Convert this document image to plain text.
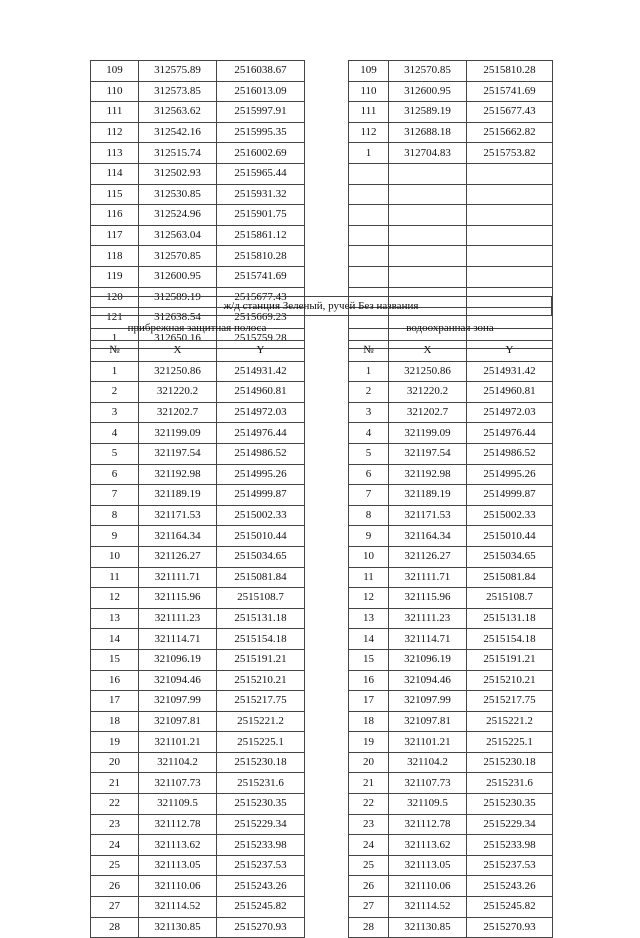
109	312575.89	2516038.67
110	312573.85	2516013.09
111	312563.62	2515997.91
112	312542.16	2515995.35
113	312515.74	2516002.69
114	312502.93	2515965.44
115	312530.85	2515931.32
116	312524.96	2515901.75
117	312563.04	2515861.12
118	312570.85	2515810.28
119	312600.95	2515741.69
120	312589.19	2515677.43
121	312638.54	2515669.23
1	312650.16	2515759.28
109	312570.85	2515810.28
110	312600.95	2515741.69
111	312589.19	2515677.43
112	312688.18	2515662.82
1	312704.83	2515753.82

ж/д станция Зеленый, ручей Без названия
прибрежная защитная полоса	водоохранная зона
№	X	Y
1	321250.86	2514931.42
2	321220.2	2514960.81
3	321202.7	2514972.03
4	321199.09	2514976.44
5	321197.54	2514986.52
6	321192.98	2514995.26
7	321189.19	2514999.87
8	321171.53	2515002.33
9	321164.34	2515010.44
10	321126.27	2515034.65
11	321111.71	2515081.84
12	321115.96	2515108.7
13	321111.23	2515131.18
14	321114.71	2515154.18
15	321096.19	2515191.21
16	321094.46	2515210.21
17	321097.99	2515217.75
18	321097.81	2515221.2
19	321101.21	2515225.1
20	321104.2	2515230.18
21	321107.73	2515231.6
22	321109.5	2515230.35
23	321112.78	2515229.34
24	321113.62	2515233.98
25	321113.05	2515237.53
26	321110.06	2515243.26
27	321114.52	2515245.82
28	321130.85	2515270.93
№	X	Y
1	321250.86	2514931.42
2	321220.2	2514960.81
3	321202.7	2514972.03
4	321199.09	2514976.44
5	321197.54	2514986.52
6	321192.98	2514995.26
7	321189.19	2514999.87
8	321171.53	2515002.33
9	321164.34	2515010.44
10	321126.27	2515034.65
11	321111.71	2515081.84
12	321115.96	2515108.7
13	321111.23	2515131.18
14	321114.71	2515154.18
15	321096.19	2515191.21
16	321094.46	2515210.21
17	321097.99	2515217.75
18	321097.81	2515221.2
19	321101.21	2515225.1
20	321104.2	2515230.18
21	321107.73	2515231.6
22	321109.5	2515230.35
23	321112.78	2515229.34
24	321113.62	2515233.98
25	321113.05	2515237.53
26	321110.06	2515243.26
27	321114.52	2515245.82
28	321130.85	2515270.93
